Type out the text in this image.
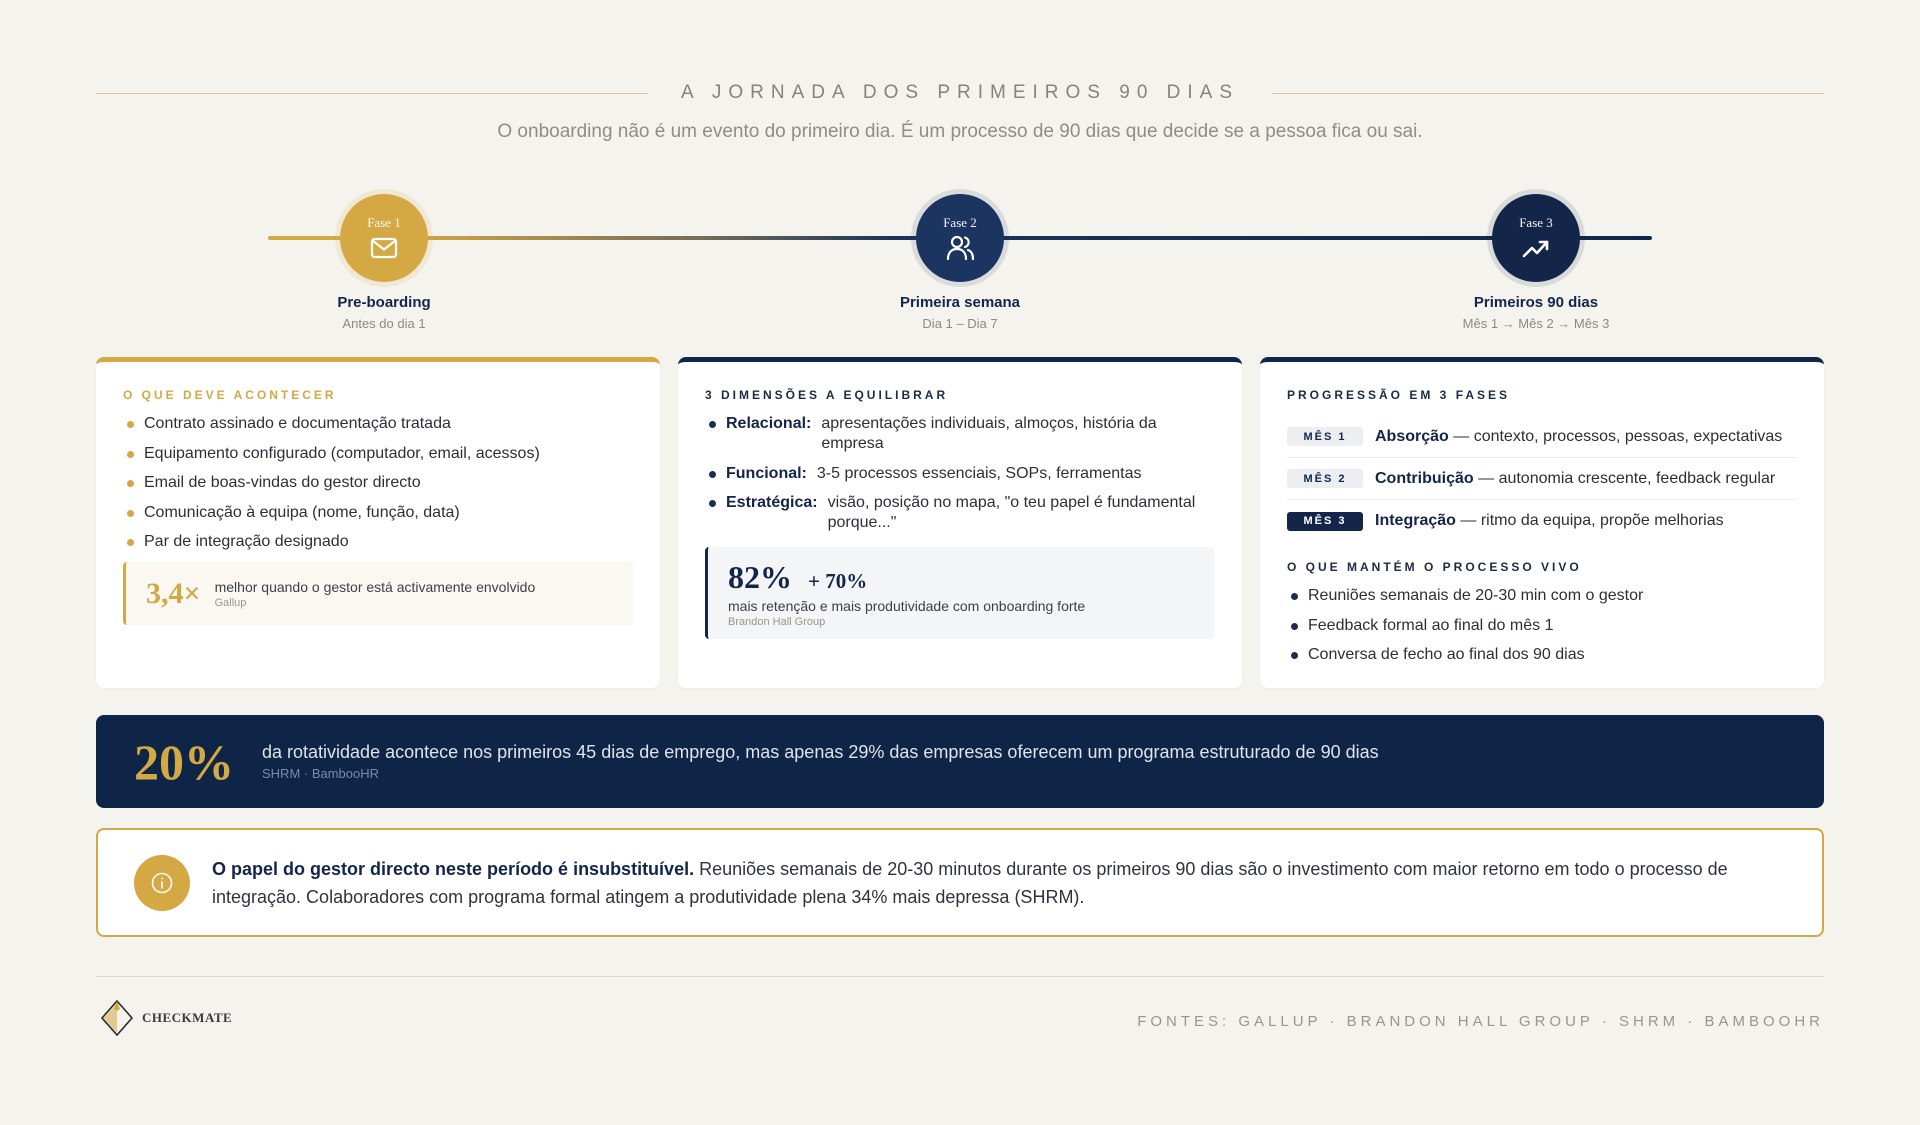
A JORNADA DOS PRIMEIROS 90 DIAS
O onboarding não é um evento do primeiro dia. É um processo de 90 dias que decide se a pessoa fica ou sai.
Fase 1
Pre-boarding
Antes do dia 1
Fase 2
Primeira semana
Dia 1 – Dia 7
Fase 3
Primeiros 90 dias
Mês 1 → Mês 2 → Mês 3
O QUE DEVE ACONTECER
Contrato assinado e documentação tratada
Equipamento configurado (computador, email, acessos)
Email de boas-vindas do gestor directo
Comunicação à equipa (nome, função, data)
Par de integração designado
3,4× melhor quando o gestor está activamente envolvido
Gallup
3 DIMENSÕES A EQUILIBRAR
Relacional: apresentações individuais, almoços, história da empresa
Funcional: 3-5 processos essenciais, SOPs, ferramentas
Estratégica: visão, posição no mapa, "o teu papel é fundamental porque..."
82% + 70%
mais retenção e mais produtividade com onboarding forte
Brandon Hall Group
PROGRESSÃO EM 3 FASES
MÊS 1	Absorção — contexto, processos, pessoas, expectativas
MÊS 2	Contribuição — autonomia crescente, feedback regular
MÊS 3	Integração — ritmo da equipa, propõe melhorias
O QUE MANTÉM O PROCESSO VIVO
Reuniões semanais de 20-30 min com o gestor
Feedback formal ao final do mês 1
Conversa de fecho ao final dos 90 dias
20% da rotatividade acontece nos primeiros 45 dias de emprego, mas apenas 29% das empresas oferecem um programa estruturado de 90 dias
SHRM · BambooHR
O papel do gestor directo neste período é insubstituível. Reuniões semanais de 20-30 minutos durante os primeiros 90 dias são o investimento com maior retorno em todo o processo de integração. Colaboradores com programa formal atingem a produtividade plena 34% mais depressa (SHRM).
CHECKMATE	FONTES: GALLUP · BRANDON HALL GROUP · SHRM · BAMBOOHR
